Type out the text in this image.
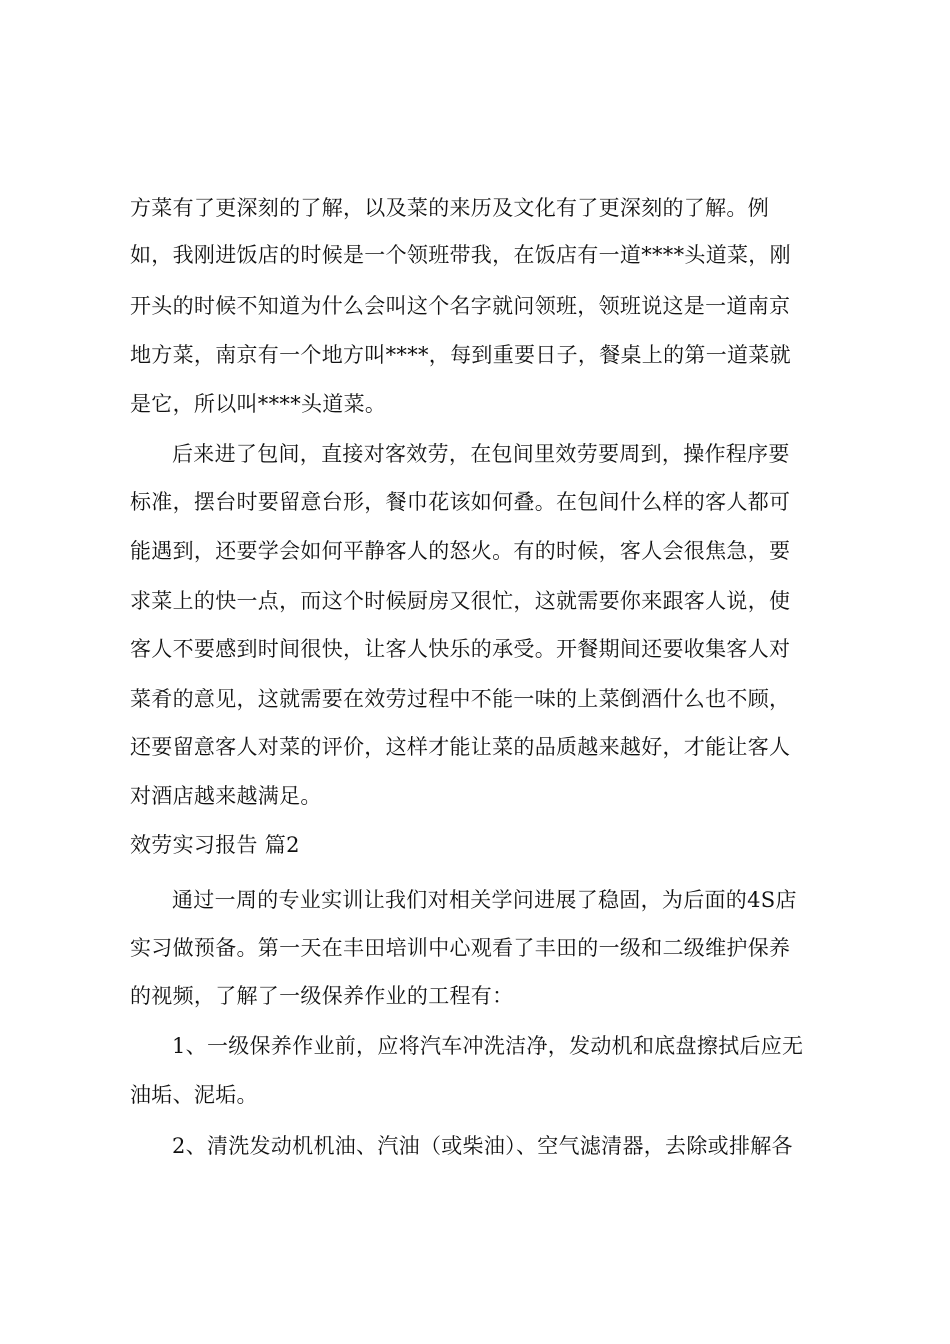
方菜有了更深刻的了解，以及菜的来历及文化有了更深刻的了解。例
如，我刚进饭店的时候是一个领班带我，在饭店有一道****头道菜，刚
开头的时候不知道为什么会叫这个名字就问领班，领班说这是一道南京
地方菜，南京有一个地方叫****，每到重要日子，餐桌上的第一道菜就
是它，所以叫****头道菜。
后来进了包间，直接对客效劳，在包间里效劳要周到，操作程序要
标准，摆台时要留意台形，餐巾花该如何叠。在包间什么样的客人都可
能遇到，还要学会如何平静客人的怒火。有的时候，客人会很焦急，要
求菜上的快一点，而这个时候厨房又很忙，这就需要你来跟客人说，使
客人不要感到时间很快，让客人快乐的承受。开餐期间还要收集客人对
菜肴的意见，这就需要在效劳过程中不能一味的上菜倒酒什么也不顾，
还要留意客人对菜的评价，这样才能让菜的品质越来越好，才能让客人
对酒店越来越满足。
效劳实习报告 篇2
通过一周的专业实训让我们对相关学问进展了稳固，为后面的4S店
实习做预备。第一天在丰田培训中心观看了丰田的一级和二级维护保养
的视频，了解了一级保养作业的工程有：
1、一级保养作业前，应将汽车冲洗洁净，发动机和底盘擦拭后应无
油垢、泥垢。
2、清洗发动机机油、汽油（或柴油）、空气滤清器，去除或排解各
